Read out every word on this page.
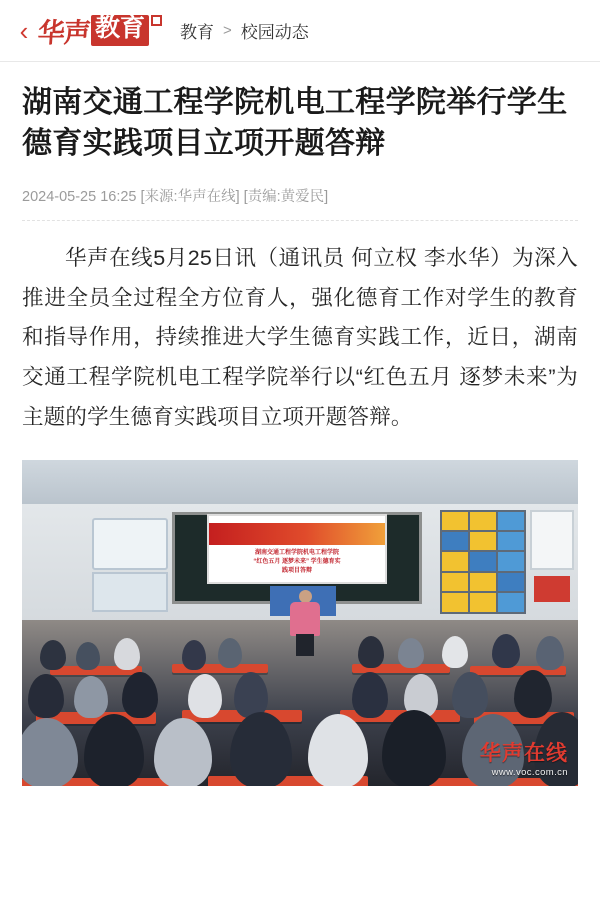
‹ 华声 教育 教育 > 校园动态
湖南交通工程学院机电工程学院举行学生德育实践项目立项开题答辩
2024-05-25 16:25 [来源:华声在线] [责编:黄爱民]

华声在线5月25日讯（通讯员 何立权 李水华）为深入推进全员全过程全方位育人，强化德育工作对学生的教育和指导作用，持续推进大学生德育实践工作，近日，湖南交通工程学院机电工程学院举行以“红色五月 逐梦未来”为主题的学生德育实践项目立项开题答辩。

湖南交通工程学院机电工程学院
“红色五月 逐梦未来” 学生德育实
践项目答辩
华声在线
www.voc.com.cn
